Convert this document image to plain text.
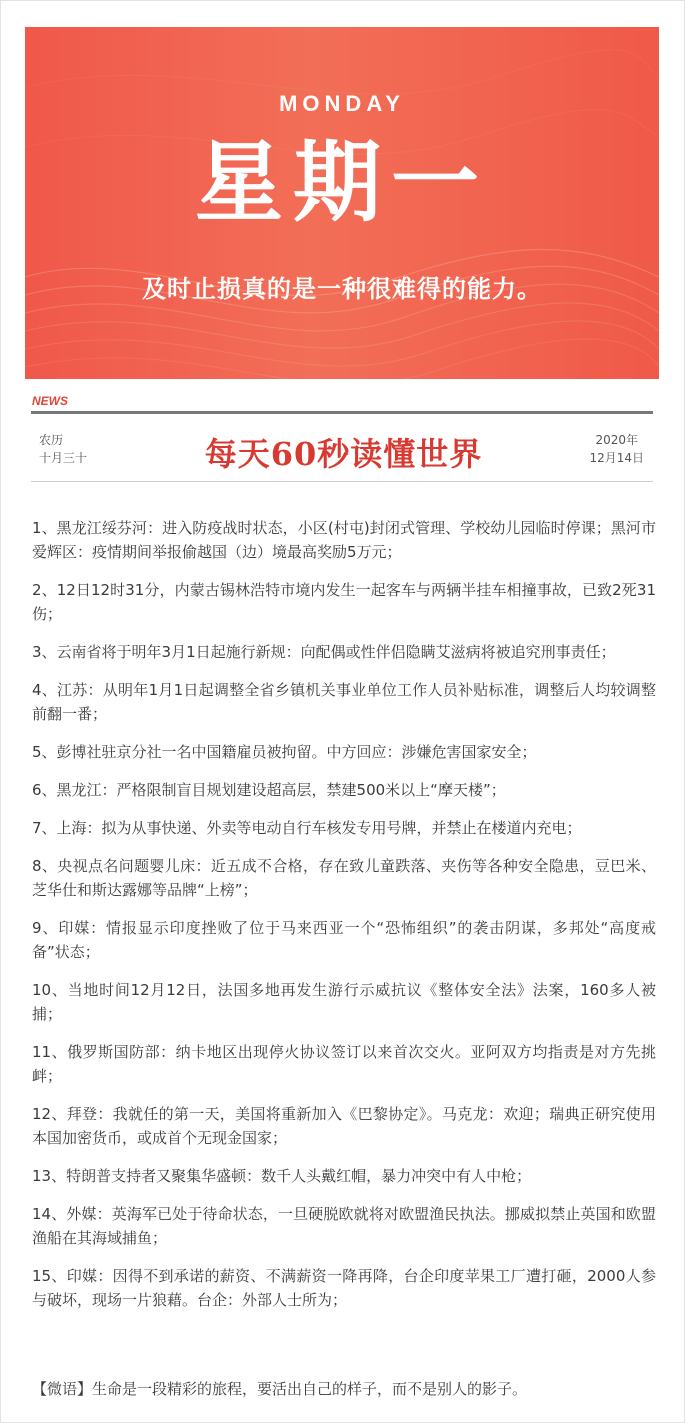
MONDAY
星期一
及时止损真的是一种很难得的能力。
NEWS
农历
十月三十	每天60秒读懂世界	2020年
12月14日
1、黑龙江绥芬河：进入防疫战时状态，小区(村屯)封闭式管理、学校幼儿园临时停课；黑河市爱辉区：疫情期间举报偷越国（边）境最高奖励5万元；
2、12日12时31分，内蒙古锡林浩特市境内发生一起客车与两辆半挂车相撞事故，已致2死31伤；
3、云南省将于明年3月1日起施行新规：向配偶或性伴侣隐瞒艾滋病将被追究刑事责任；
4、江苏：从明年1月1日起调整全省乡镇机关事业单位工作人员补贴标准，调整后人均较调整前翻一番；
5、彭博社驻京分社一名中国籍雇员被拘留。中方回应：涉嫌危害国家安全；
6、黑龙江：严格限制盲目规划建设超高层，禁建500米以上“摩天楼”；
7、上海：拟为从事快递、外卖等电动自行车核发专用号牌，并禁止在楼道内充电；
8、央视点名问题婴儿床：近五成不合格，存在致儿童跌落、夹伤等各种安全隐患，豆巴米、芝华仕和斯达露娜等品牌“上榜”；
9、印媒：情报显示印度挫败了位于马来西亚一个“恐怖组织”的袭击阴谋，多邦处“高度戒备”状态；
10、当地时间12月12日，法国多地再发生游行示威抗议《整体安全法》法案，160多人被捕；
11、俄罗斯国防部：纳卡地区出现停火协议签订以来首次交火。亚阿双方均指责是对方先挑衅；
12、拜登：我就任的第一天，美国将重新加入《巴黎协定》。马克龙：欢迎；瑞典正研究使用本国加密货币，或成首个无现金国家；
13、特朗普支持者又聚集华盛顿：数千人头戴红帽，暴力冲突中有人中枪；
14、外媒：英海军已处于待命状态，一旦硬脱欧就将对欧盟渔民执法。挪威拟禁止英国和欧盟渔船在其海域捕鱼；
15、印媒：因得不到承诺的薪资、不满薪资一降再降，台企印度苹果工厂遭打砸，2000人参与破坏，现场一片狼藉。台企：外部人士所为；
【微语】生命是一段精彩的旅程，要活出自己的样子，而不是别人的影子。
